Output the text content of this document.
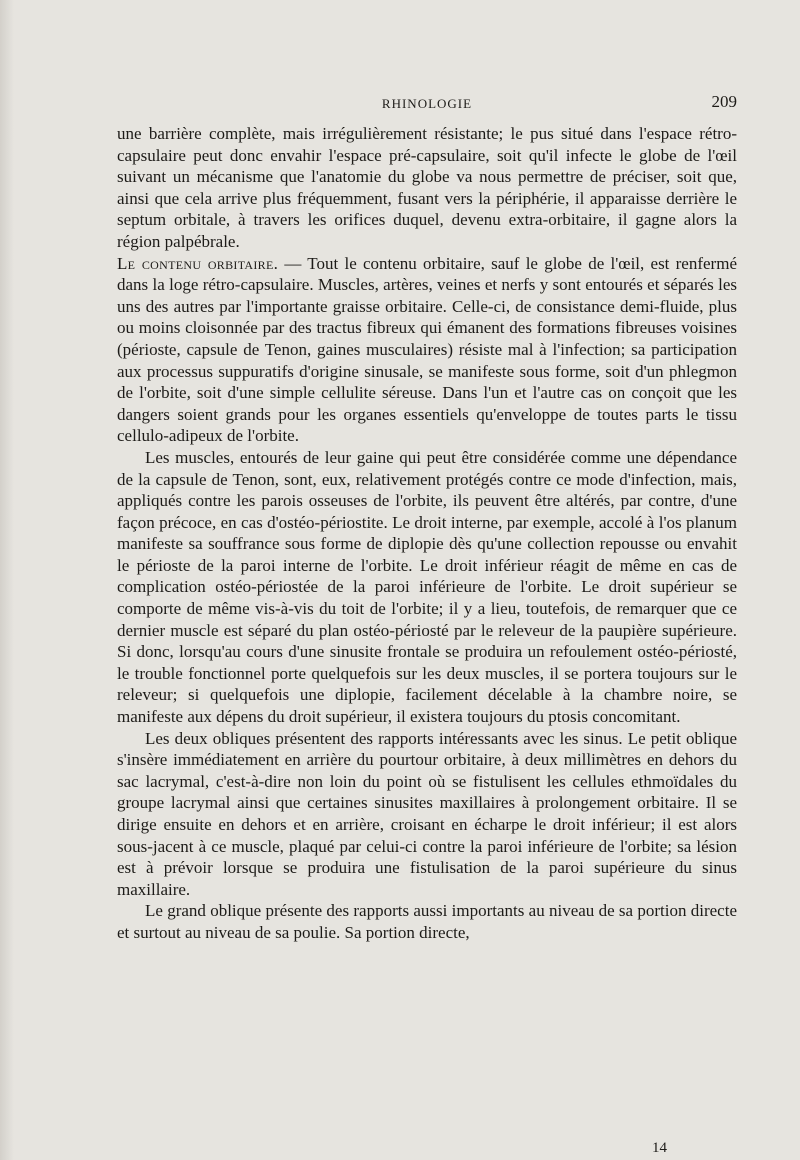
RHINOLOGIE	209

une barrière complète, mais irrégulièrement résistante; le pus situé dans l'espace rétro-capsulaire peut donc envahir l'espace pré-capsulaire, soit qu'il infecte le globe de l'œil suivant un mécanisme que l'anatomie du globe va nous permettre de préciser, soit que, ainsi que cela arrive plus fréquemment, fusant vers la périphérie, il apparaisse derrière le septum orbitale, à travers les orifices duquel, devenu extra-orbitaire, il gagne alors la région palpébrale.

Le contenu orbitaire. — Tout le contenu orbitaire, sauf le globe de l'œil, est renfermé dans la loge rétro-capsulaire. Muscles, artères, veines et nerfs y sont entourés et séparés les uns des autres par l'importante graisse orbitaire. Celle-ci, de consistance demi-fluide, plus ou moins cloisonnée par des tractus fibreux qui émanent des formations fibreuses voisines (périoste, capsule de Tenon, gaines musculaires) résiste mal à l'infection; sa participation aux processus suppuratifs d'origine sinusale, se manifeste sous forme, soit d'un phlegmon de l'orbite, soit d'une simple cellulite séreuse. Dans l'un et l'autre cas on conçoit que les dangers soient grands pour les organes essentiels qu'enveloppe de toutes parts le tissu cellulo-adipeux de l'orbite.

Les muscles, entourés de leur gaine qui peut être considérée comme une dépendance de la capsule de Tenon, sont, eux, relativement protégés contre ce mode d'infection, mais, appliqués contre les parois osseuses de l'orbite, ils peuvent être altérés, par contre, d'une façon précoce, en cas d'ostéo-périostite. Le droit interne, par exemple, accolé à l'os planum manifeste sa souffrance sous forme de diplopie dès qu'une collection repousse ou envahit le périoste de la paroi interne de l'orbite. Le droit inférieur réagit de même en cas de complication ostéo-périostée de la paroi inférieure de l'orbite. Le droit supérieur se comporte de même vis-à-vis du toit de l'orbite; il y a lieu, toutefois, de remarquer que ce dernier muscle est séparé du plan ostéo-périosté par le releveur de la paupière supérieure. Si donc, lorsqu'au cours d'une sinusite frontale se produira un refoulement ostéo-périosté, le trouble fonctionnel porte quelquefois sur les deux muscles, il se portera toujours sur le releveur; si quelquefois une diplopie, facilement décelable à la chambre noire, se manifeste aux dépens du droit supérieur, il existera toujours du ptosis concomitant.

Les deux obliques présentent des rapports intéressants avec les sinus. Le petit oblique s'insère immédiatement en arrière du pourtour orbitaire, à deux millimètres en dehors du sac lacrymal, c'est-à-dire non loin du point où se fistulisent les cellules ethmoïdales du groupe lacrymal ainsi que certaines sinusites maxillaires à prolongement orbitaire. Il se dirige ensuite en dehors et en arrière, croisant en écharpe le droit inférieur; il est alors sous-jacent à ce muscle, plaqué par celui-ci contre la paroi inférieure de l'orbite; sa lésion est à prévoir lorsque se produira une fistulisation de la paroi supérieure du sinus maxillaire.

Le grand oblique présente des rapports aussi importants au niveau de sa portion directe et surtout au niveau de sa poulie. Sa portion directe,

14
